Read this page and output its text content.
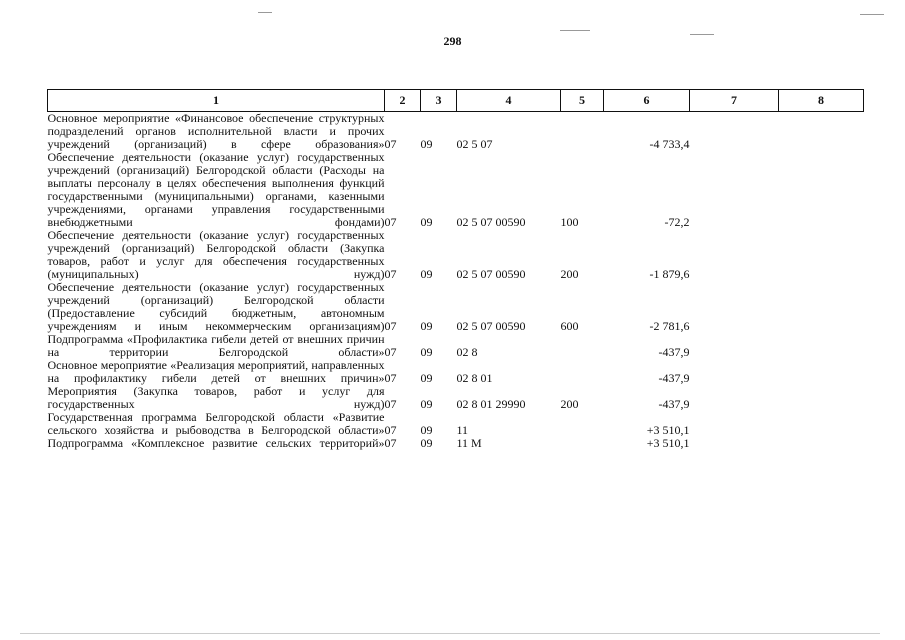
298
1	2	3	4	5	6	7	8
Основное мероприятие «Финансовое обеспечение структурных подразделений органов исполнительной власти и прочих учреждений (организаций) в сфере образования»	07	09	02 5 07		-4 733,4		
Обеспечение деятельности (оказание услуг) государственных учреждений (организаций) Белгородской области (Расходы на выплаты персоналу в целях обеспечения выполнения функций государственными (муниципальными) органами, казенными учреждениями, органами управления государственными внебюджетными фондами)	07	09	02 5 07 00590	100	-72,2		
Обеспечение деятельности (оказание услуг) государственных учреждений (организаций) Белгородской области (Закупка товаров, работ и услуг для обеспечения государственных (муниципальных) нужд)	07	09	02 5 07 00590	200	-1 879,6		
Обеспечение деятельности (оказание услуг) государственных учреждений (организаций) Белгородской области (Предоставление субсидий бюджетным, автономным учреждениям и иным некоммерческим организациям)	07	09	02 5 07 00590	600	-2 781,6		
Подпрограмма «Профилактика гибели детей от внешних причин на территории Белгородской области»	07	09	02 8		-437,9		
Основное мероприятие «Реализация мероприятий, направленных на профилактику гибели детей от внешних причин»	07	09	02 8 01		-437,9		
Мероприятия (Закупка товаров, работ и услуг для государственных нужд)	07	09	02 8 01 29990	200	-437,9		
Государственная программа Белгородской области «Развитие сельского хозяйства и рыбоводства в Белгородской области»	07	09	11		+3 510,1		
Подпрограмма «Комплексное развитие сельских территорий»	07	09	11 М		+3 510,1		
